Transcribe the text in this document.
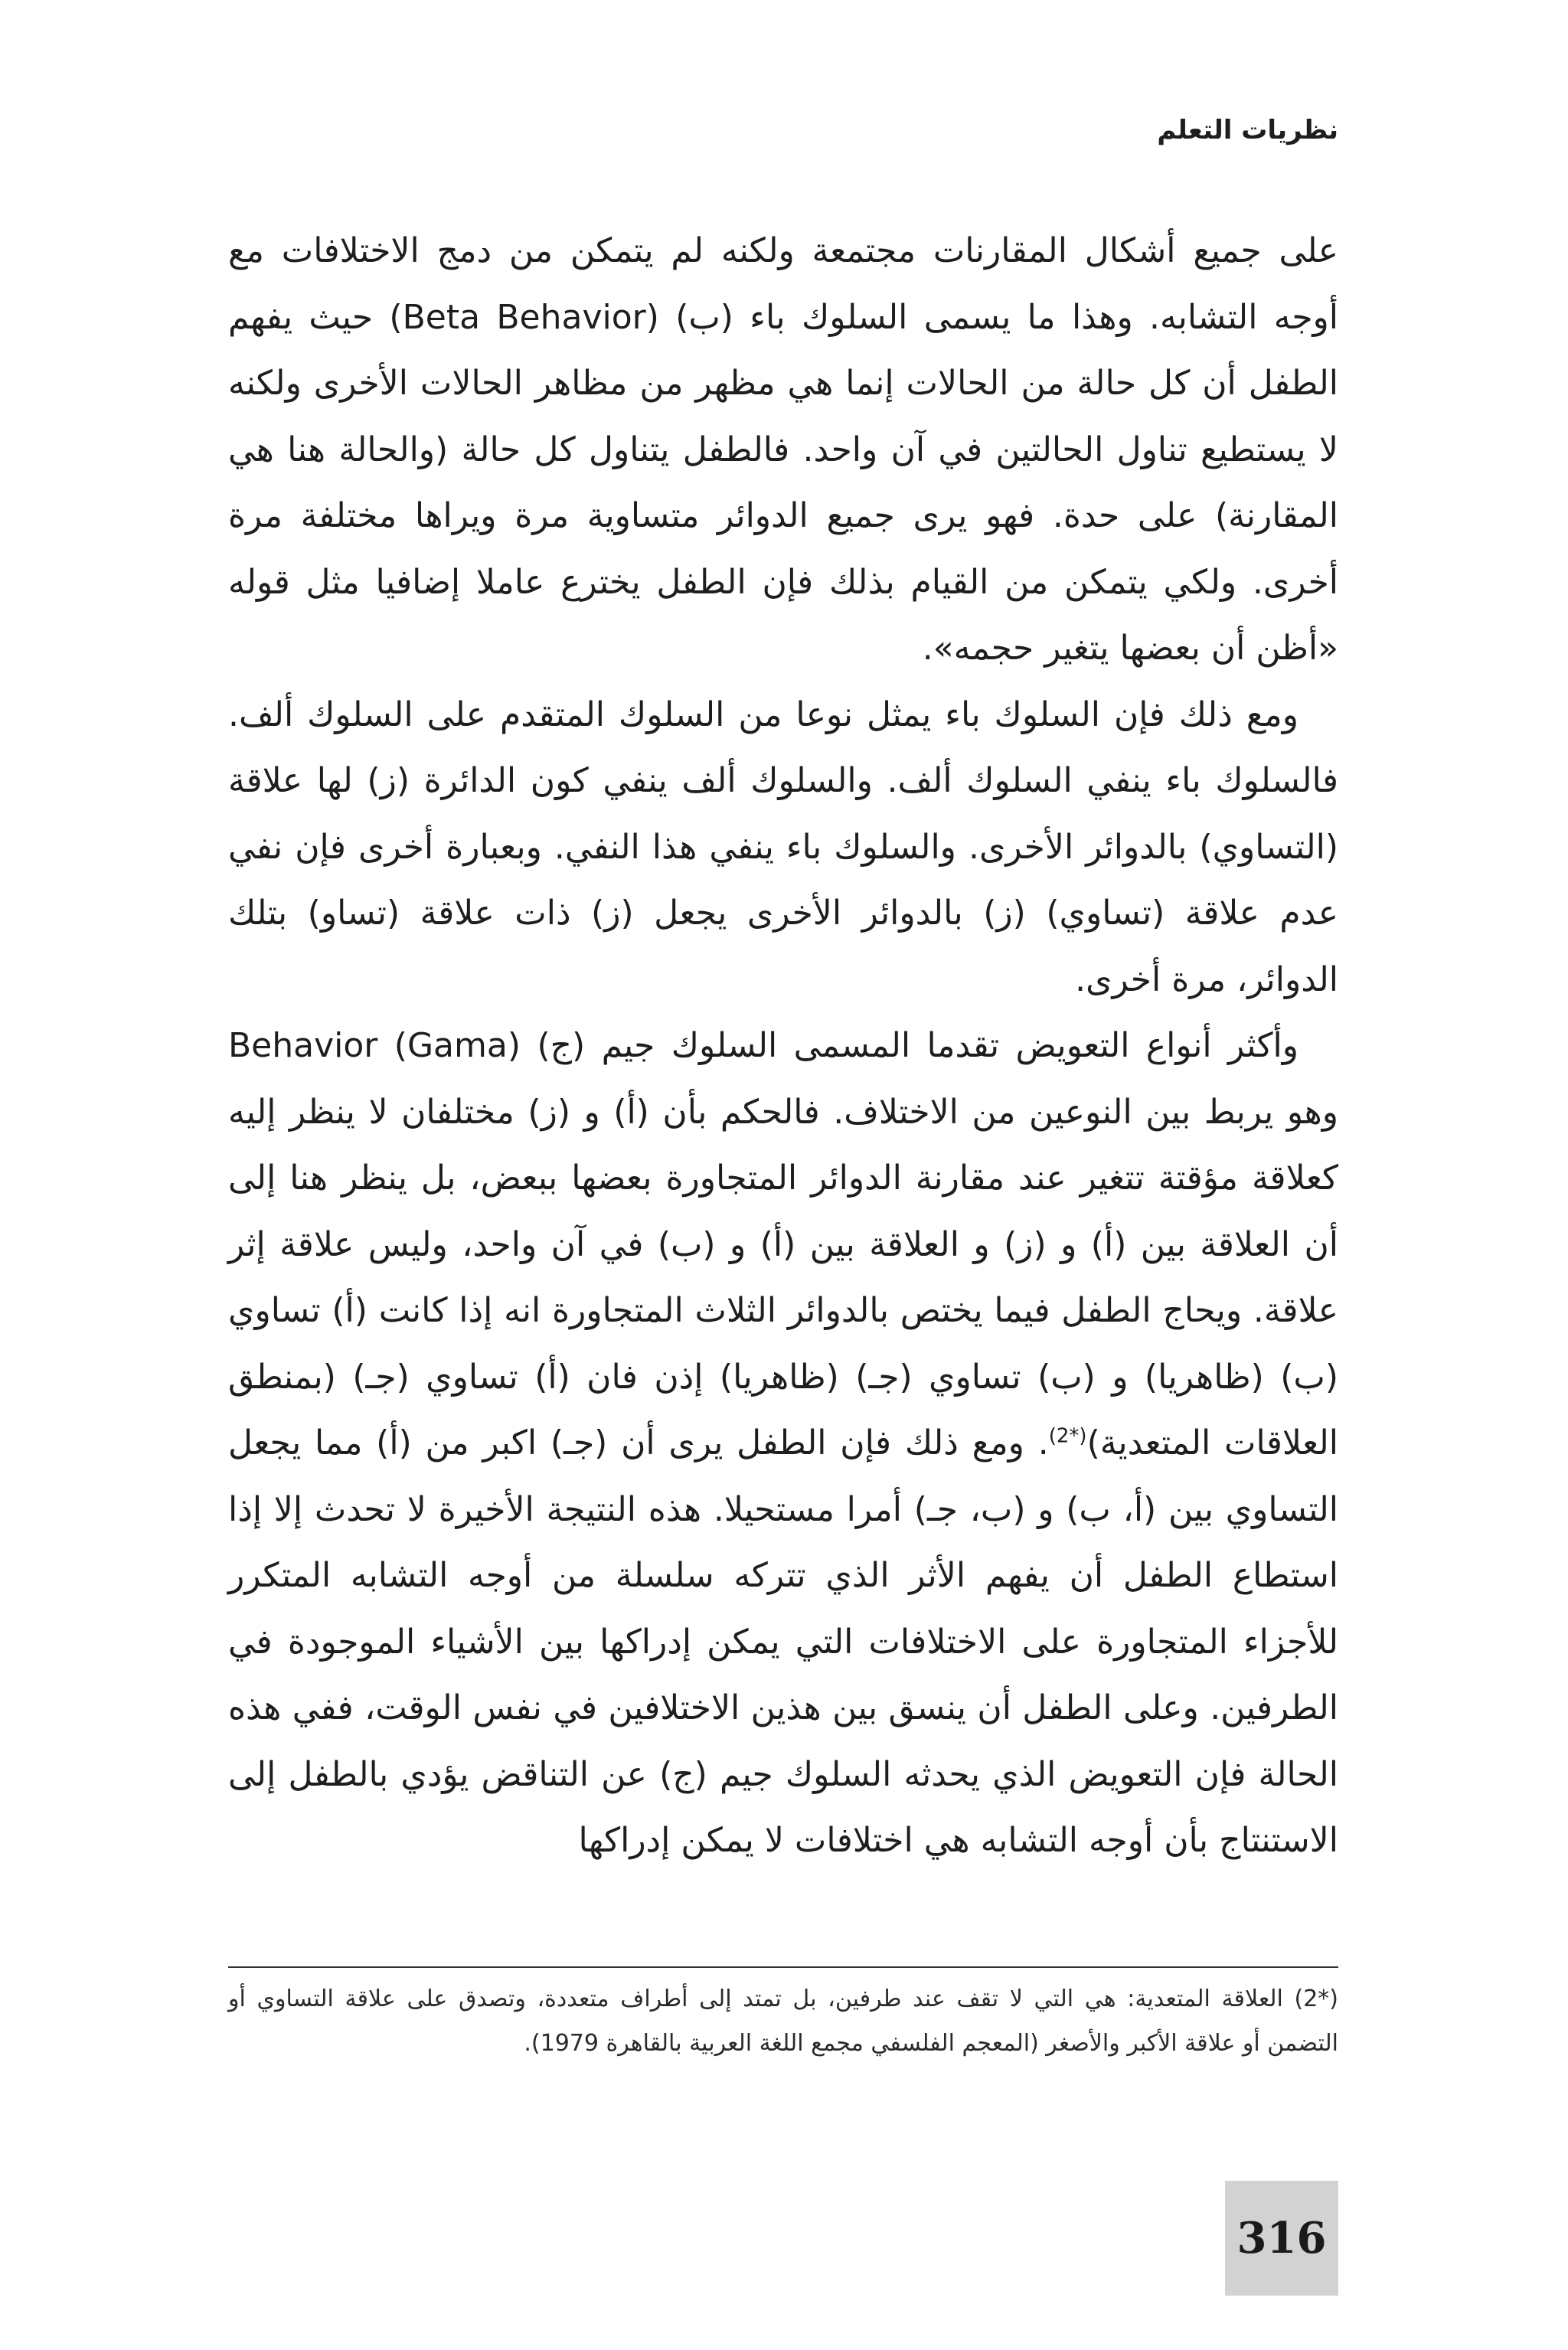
نظريات التعلم

على جميع أشكال المقارنات مجتمعة ولكنه لم يتمكن من دمج الاختلافات مع أوجه التشابه. وهذا ما يسمى السلوك باء (ب) (Beta Behavior) حيث يفهم الطفل أن كل حالة من الحالات إنما هي مظهر من مظاهر الحالات الأخرى ولكنه لا يستطيع تناول الحالتين في آن واحد. فالطفل يتناول كل حالة (والحالة هنا هي المقارنة) على حدة. فهو يرى جميع الدوائر متساوية مرة ويراها مختلفة مرة أخرى. ولكي يتمكن من القيام بذلك فإن الطفل يخترع عاملا إضافيا مثل قوله «أظن أن بعضها يتغير حجمه».

ومع ذلك فإن السلوك باء يمثل نوعا من السلوك المتقدم على السلوك ألف. فالسلوك باء ينفي السلوك ألف. والسلوك ألف ينفي كون الدائرة (ز) لها علاقة (التساوي) بالدوائر الأخرى. والسلوك باء ينفي هذا النفي. وبعبارة أخرى فإن نفي عدم علاقة (تساوي) (ز) بالدوائر الأخرى يجعل (ز) ذات علاقة (تساو) بتلك الدوائر، مرة أخرى.

وأكثر أنواع التعويض تقدما المسمى السلوك جيم (ج) (Behavior (Gama وهو يربط بين النوعين من الاختلاف. فالحكم بأن (أ) و (ز) مختلفان لا ينظر إليه كعلاقة مؤقتة تتغير عند مقارنة الدوائر المتجاورة بعضها ببعض، بل ينظر هنا إلى أن العلاقة بين (أ) و (ز) و العلاقة بين (أ) و (ب) في آن واحد، وليس علاقة إثر علاقة. ويحاج الطفل فيما يختص بالدوائر الثلاث المتجاورة انه إذا كانت (أ) تساوي (ب) (ظاهريا) و (ب) تساوي (جـ) (ظاهريا) إذن فان (أ) تساوي (جـ) (بمنطق العلاقات المتعدية)$^{(*2)}$. ومع ذلك فإن الطفل يرى أن (جـ) اكبر من (أ) مما يجعل التساوي بين (أ، ب) و (ب، جـ) أمرا مستحيلا. هذه النتيجة الأخيرة لا تحدث إلا إذا استطاع الطفل أن يفهم الأثر الذي تتركه سلسلة من أوجه التشابه المتكرر للأجزاء المتجاورة على الاختلافات التي يمكن إدراكها بين الأشياء الموجودة في الطرفين. وعلى الطفل أن ينسق بين هذين الاختلافين في نفس الوقت، ففي هذه الحالة فإن التعويض الذي يحدثه السلوك جيم (ج) عن التناقض يؤدي بالطفل إلى الاستنتاج بأن أوجه التشابه هي اختلافات لا يمكن إدراكها

(*2) العلاقة المتعدية: هي التي لا تقف عند طرفين، بل تمتد إلى أطراف متعددة، وتصدق على علاقة التساوي أو التضمن أو علاقة الأكبر والأصغر (المعجم الفلسفي مجمع اللغة العربية بالقاهرة 1979).

316
